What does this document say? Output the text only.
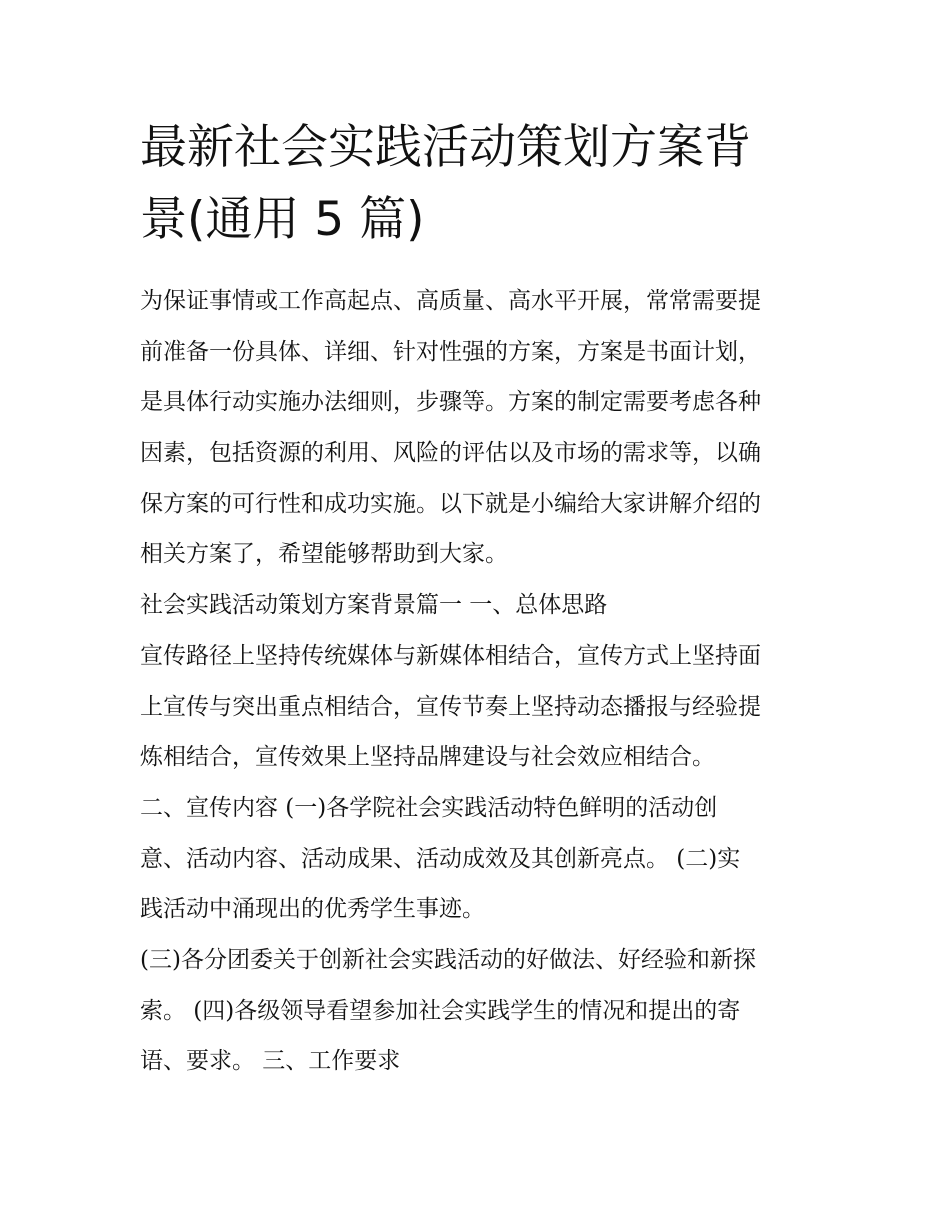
最新社会实践活动策划方案背
景(通用 5 篇)
为保证事情或工作高起点、高质量、高水平开展，常常需要提
前准备一份具体、详细、针对性强的方案，方案是书面计划，
是具体行动实施办法细则，步骤等。方案的制定需要考虑各种
因素，包括资源的利用、风险的评估以及市场的需求等，以确
保方案的可行性和成功实施。以下就是小编给大家讲解介绍的
相关方案了，希望能够帮助到大家。
社会实践活动策划方案背景篇一 一、总体思路
宣传路径上坚持传统媒体与新媒体相结合，宣传方式上坚持面
上宣传与突出重点相结合，宣传节奏上坚持动态播报与经验提
炼相结合，宣传效果上坚持品牌建设与社会效应相结合。
二、宣传内容 (一)各学院社会实践活动特色鲜明的活动创
意、活动内容、活动成果、活动成效及其创新亮点。 (二)实
践活动中涌现出的优秀学生事迹。
(三)各分团委关于创新社会实践活动的好做法、好经验和新探
索。 (四)各级领导看望参加社会实践学生的情况和提出的寄
语、要求。 三、工作要求
